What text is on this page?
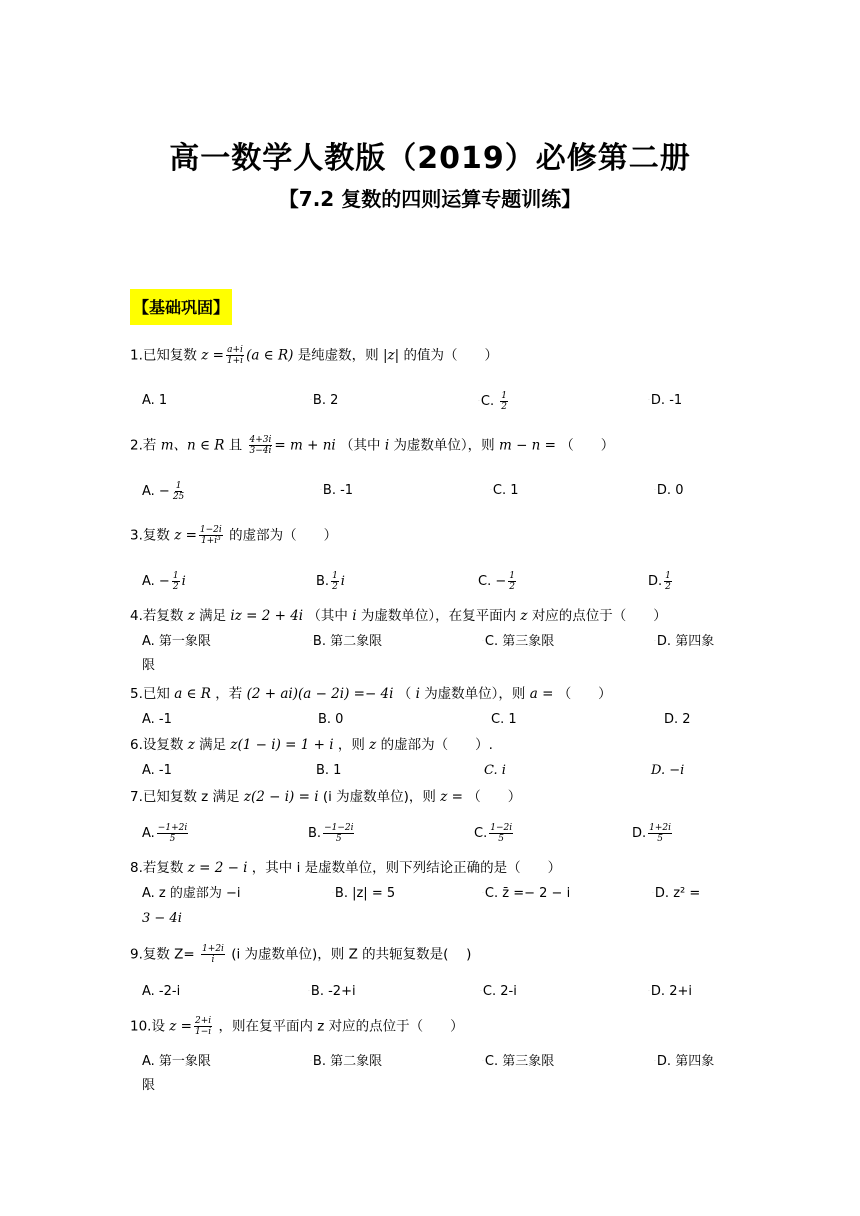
高一数学人教版（2019）必修第二册
【7.2 复数的四则运算专题训练】
【基础巩固】
1.已知复数 $z = \frac{a+i}{1+i} (a$ ∈ R) 是纯虚数，则 |z| 的值为（　　）
A. 1	·B. 2	·C. $\frac{1}{2}$	·D. -1
2.若 m、n ∈ R 且 $\frac{4+3i}{3-4i} = m$ + ni （其中 i 为虚数单位），则 m − n = （　　）
A. − $\frac{1}{25}$	·B. -1	·C. 1	·D. 0
3.复数 $z = \frac{1-2i}{\text{1+i³}}$ 的虚部为（　　）
A. − $\frac{1}{2}$ i	B. $\frac{1}{2}$ i	C. − $\frac{1}{2}$	D. $\frac{1}{2}$
4.若复数 z 满足 iz = 2 + 4i （其中 i 为虚数单位），在复平面内 z 对应的点位于（　　）
A. 第一象限	·B. 第二象限	·C. 第三象限	·D. 第四象
限
5.已知 a ∈ R ，若 (2 + ai)(a − 2i) =− 4i （ i 为虚数单位），则 a = （　　）
A. -1	B. 0	C. 1	D. 2
6.设复数 z 满足 z(1 − i) = 1 + i ，则 z 的虚部为（　　）.
A. -1	B. 1	C. i	D. −i
7.已知复数 z 满足 z(2 − i) = i (i 为虚数单位)，则 z = （　　）
A. $\frac{-1+2i}{5}$	B. $\frac{-1-2i}{5}$	C. $\frac{1-2i}{5}$	D. $\frac{1+2i}{5}$
8.若复数 z = 2 − i ，其中 i 是虚数单位，则下列结论正确的是（　　）
A. z 的虚部为 −i	·B. |z| = 5	·C. z̄ =− 2 − i	·D. z² =
3 − 4i
9.复数 $Z= \frac{1+2i}{i} (i$ 为虚数单位)，则 Z 的共轭复数是(　 )
A. -2-i	·B. -2+i	·C. 2-i	·D. 2+i
10.设 $z = \frac{2+i}{1-i}$ ，则在复平面内 z 对应的点位于（　　）
A. 第一象限	·B. 第二象限	·C. 第三象限	·D. 第四象
限
